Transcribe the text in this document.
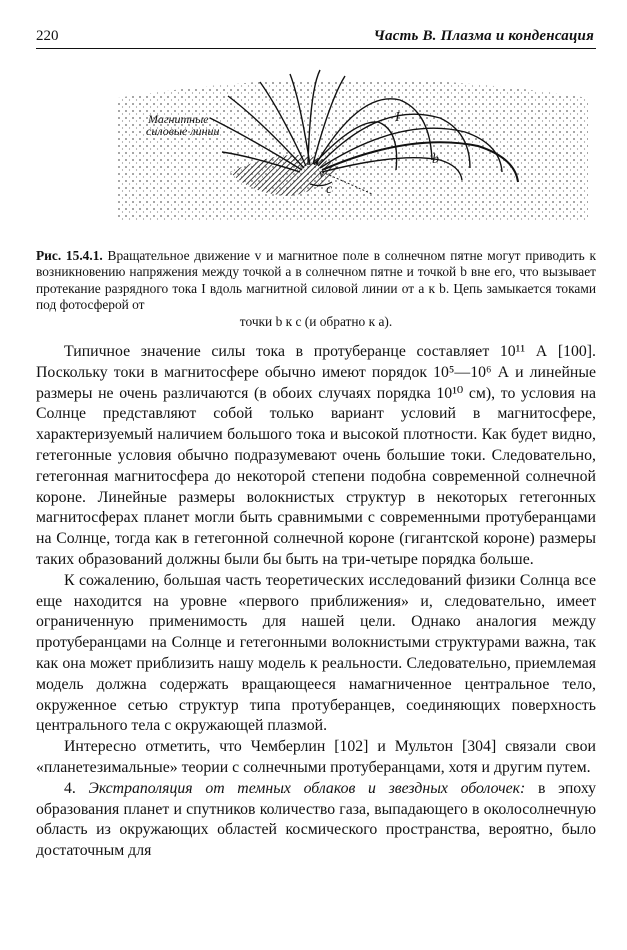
220	Часть В. Плазма и конденсация
Магнитные
силовые линии
I
a
v
b
c
Рис. 15.4.1. Вращательное движение v и магнитное поле в солнечном пятне могут приводить к возникновению напряжения между точкой a в солнечном пятне и точкой b вне его, что вызывает протекание разрядного тока I вдоль магнитной силовой линии от a к b. Цепь замыкается токами под фотосферой от
точки b к c (и обратно к a).

Типичное значение силы тока в протуберанце составляет 10¹¹ А [100]. Поскольку токи в магнитосфере обычно имеют порядок 10⁵—10⁶ А и линейные размеры не очень различаются (в обоих случаях порядка 10¹⁰ см), то условия на Солнце представляют собой только вариант условий в магнитосфере, характеризуемый наличием большого тока и высокой плотности. Как будет видно, гетегонные условия обычно подразумевают очень большие токи. Следовательно, гетегонная магнитосфера до некоторой степени подобна современной солнечной короне. Линейные размеры волокнистых структур в некоторых гетегонных магнитосферах планет могли быть сравнимыми с современными протуберанцами на Солнце, тогда как в гетегонной солнечной короне (гигантской короне) размеры таких образований должны были бы быть на три-четыре порядка больше.

К сожалению, большая часть теоретических исследований физики Солнца все еще находится на уровне «первого приближения» и, следовательно, имеет ограниченную применимость для нашей цели. Однако аналогия между протуберанцами на Солнце и гетегонными волокнистыми структурами важна, так как она может приблизить нашу модель к реальности. Следовательно, приемлемая модель должна содержать вращающееся намагниченное центральное тело, окруженное сетью структур типа протуберанцев, соединяющих поверхность центрального тела с окружающей плазмой.

Интересно отметить, что Чемберлин [102] и Мультон [304] связали свои «планетезимальные» теории с солнечными протуберанцами, хотя и другим путем.

4. Экстраполяция от темных облаков и звездных оболочек: в эпоху образования планет и спутников количество газа, выпадающего в околосолнечную область из окружающих областей космического пространства, вероятно, было достаточным для
